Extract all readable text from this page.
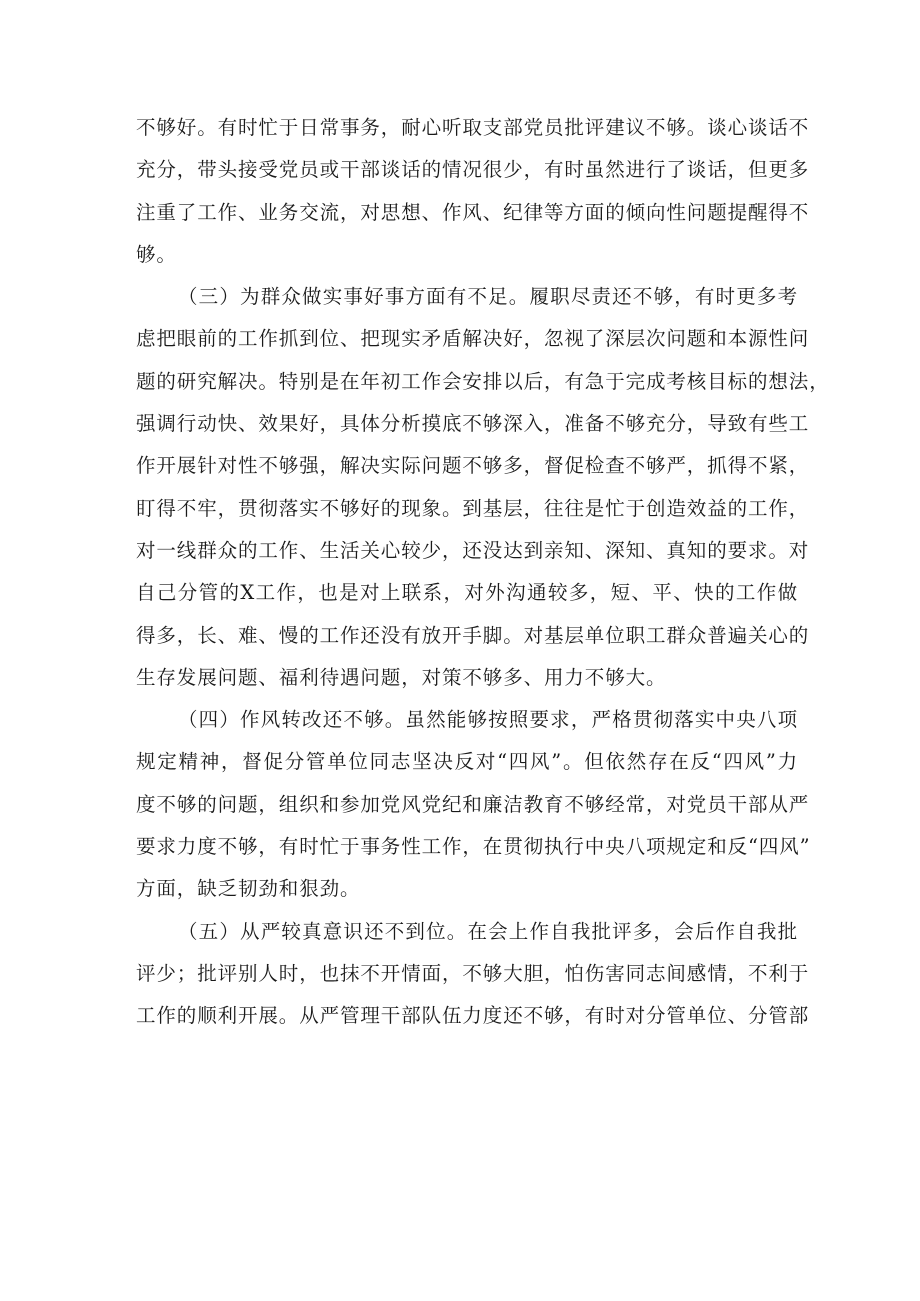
不够好。有时忙于日常事务，耐心听取支部党员批评建议不够。谈心谈话不
充分，带头接受党员或干部谈话的情况很少，有时虽然进行了谈话，但更多
注重了工作、业务交流，对思想、作风、纪律等方面的倾向性问题提醒得不
够。
（三）为群众做实事好事方面有不足。履职尽责还不够，有时更多考
虑把眼前的工作抓到位、把现实矛盾解决好，忽视了深层次问题和本源性问
题的研究解决。特别是在年初工作会安排以后，有急于完成考核目标的想法，
强调行动快、效果好，具体分析摸底不够深入，准备不够充分，导致有些工
作开展针对性不够强，解决实际问题不够多，督促检查不够严，抓得不紧，
盯得不牢，贯彻落实不够好的现象。到基层，往往是忙于创造效益的工作，
对一线群众的工作、生活关心较少，还没达到亲知、深知、真知的要求。对
自己分管的X工作，也是对上联系，对外沟通较多，短、平、快的工作做
得多，长、难、慢的工作还没有放开手脚。对基层单位职工群众普遍关心的
生存发展问题、福利待遇问题，对策不够多、用力不够大。
（四）作风转改还不够。虽然能够按照要求，严格贯彻落实中央八项
规定精神，督促分管单位同志坚决反对“四风”。但依然存在反“四风”力
度不够的问题，组织和参加党风党纪和廉洁教育不够经常，对党员干部从严
要求力度不够，有时忙于事务性工作，在贯彻执行中央八项规定和反“四风”
方面，缺乏韧劲和狠劲。
（五）从严较真意识还不到位。在会上作自我批评多，会后作自我批
评少；批评别人时，也抹不开情面，不够大胆，怕伤害同志间感情，不利于
工作的顺利开展。从严管理干部队伍力度还不够，有时对分管单位、分管部
